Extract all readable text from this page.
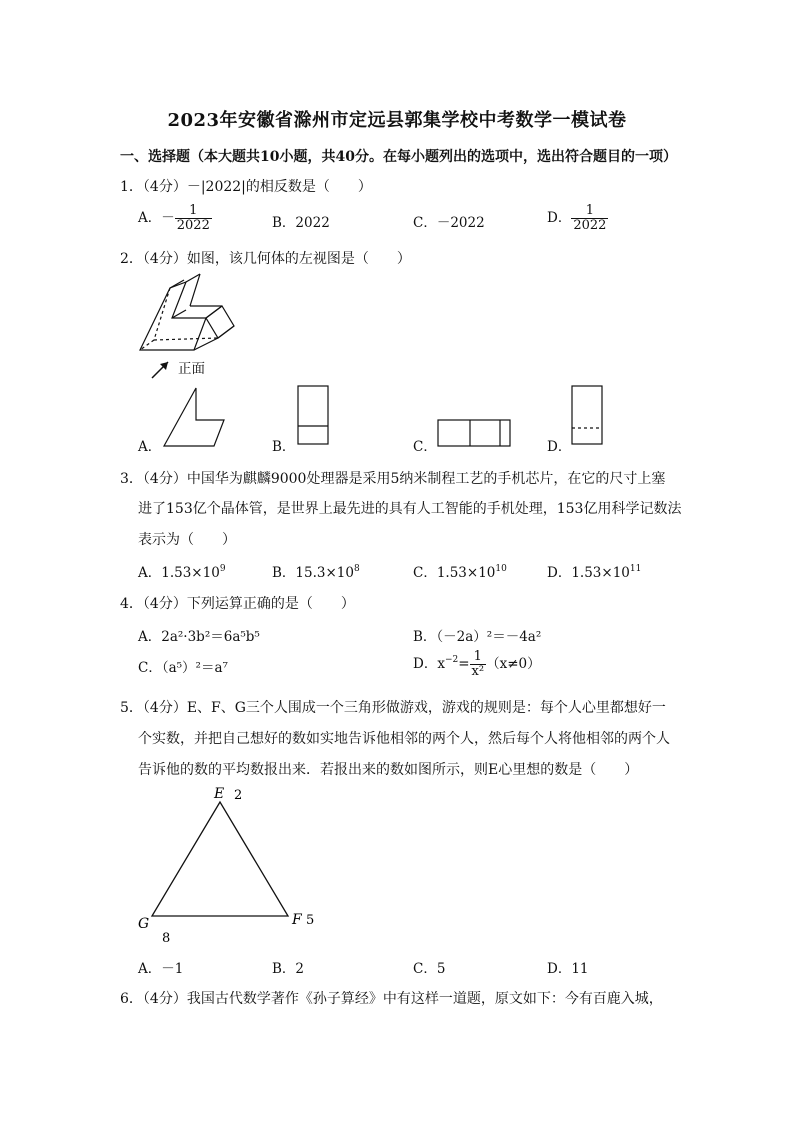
2023年安徽省滁州市定远县郭集学校中考数学一模试卷
一、选择题（本大题共10小题，共40分。在每小题列出的选项中，选出符合题目的一项）
1．（4分）－|2022|的相反数是（　　）
A．－ $\frac{1}{2022}$	B．2022	C．－2022	D． $\frac{1}{2022}$
2．（4分）如图，该几何体的左视图是（　　）
正面
A．	B．	C．	D．
3．（4分）中国华为麒麟9000处理器是采用5纳米制程工艺的手机芯片，在它的尺寸上塞
进了153亿个晶体管，是世界上最先进的具有人工智能的手机处理，153亿用科学记数法
表示为（　　）
A．$1.53\times 10^9$	B．$15.3\times 10^8$	C．$1.53\times 10^{10}$	D．$1.53\times 10^{11}$
4．（4分）下列运算正确的是（　　）
A．2a²·3b²＝6a⁵b⁵	B．（－2a）²＝－4a²
C．（a⁵）²＝a⁷	D．$x^{-2}= \frac{1}{\text{x²}} (x\ne 0)$
5．（4分）E、F、G三个人围成一个三角形做游戏，游戏的规则是：每个人心里都想好一
个实数，并把自己想好的数如实地告诉他相邻的两个人，然后每个人将他相邻的两个人
告诉他的数的平均数报出来．若报出来的数如图所示，则E心里想的数是（　　）
E 2
F 5
G
8
A．－1	B．2	C．5	D．11
6．（4分）我国古代数学著作《孙子算经》中有这样一道题，原文如下：今有百鹿入城，
